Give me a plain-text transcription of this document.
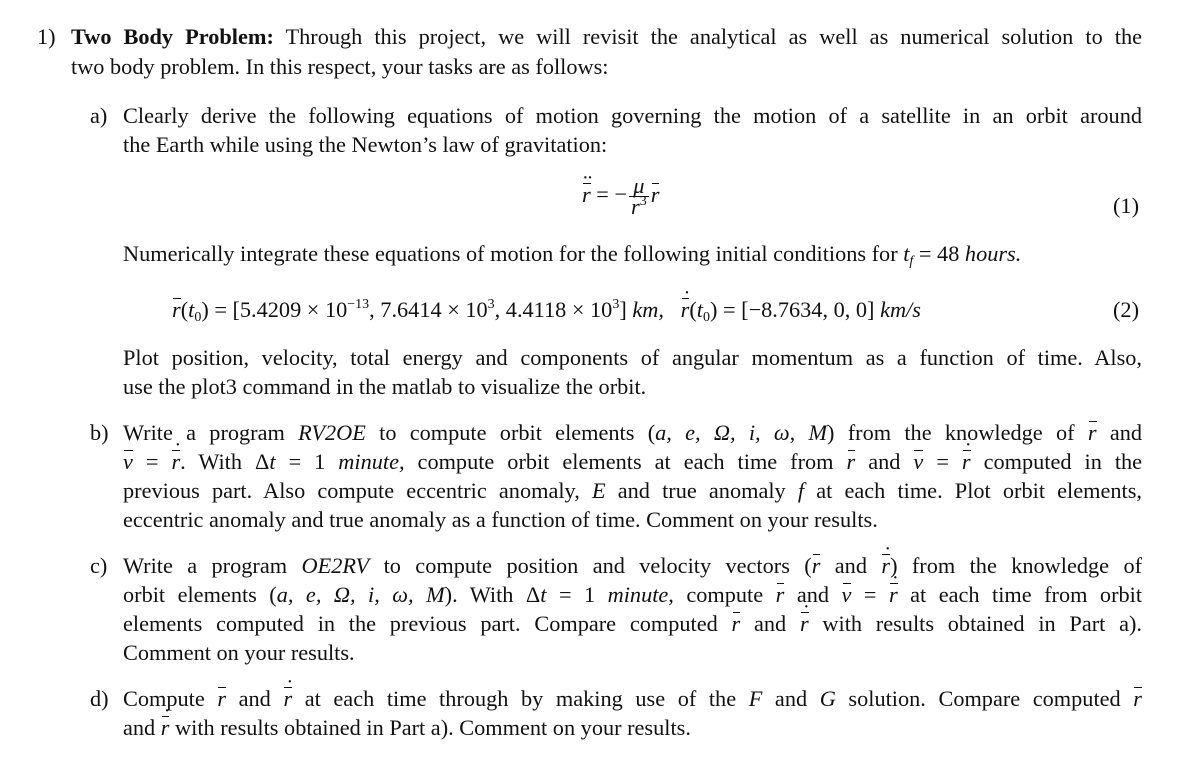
1) Two Body Problem: Through this project, we will revisit the analytical as well as numerical solution to the
two body problem. In this respect, your tasks are as follows:
a) Clearly derive the following equations of motion governing the motion of a satellite in an orbit around
the Earth while using the Newton’s law of gravitation:
r ·· = − $\frac{\mu}{r^3}$ r	(1)
Numerically integrate these equations of motion for the following initial conditions for $t_f = 48$ hours.
$r(t_0) = [5.4209 \times 10^{-13}$, $7.6414 \times 10^3$, $4.4118 \times 10^3$] km, $r \cdot(t_0) = [-8.7634$, 0, 0] km/s	(2)
Plot position, velocity, total energy and components of angular momentum as a function of time. Also,
use the plot3 command in the matlab to visualize the orbit.
b) Write a program RV2OE to compute orbit elements (a, e, Ω, i, ω, M) from the knowledge of r and
v = r ·. With Δt = 1 minute, compute orbit elements at each time from r and v = r · computed in the
previous part. Also compute eccentric anomaly, E and true anomaly f at each time. Plot orbit elements,
eccentric anomaly and true anomaly as a function of time. Comment on your results.
c) Write a program OE2RV to compute position and velocity vectors (r and r ·) from the knowledge of
orbit elements (a, e, Ω, i, ω, M). With Δt = 1 minute, compute r and v = r · at each time from orbit
elements computed in the previous part. Compare computed r and r · with results obtained in Part a).
Comment on your results.
d) Compute r and r · at each time through by making use of the F and G solution. Compare computed r
and r · with results obtained in Part a). Comment on your results.
